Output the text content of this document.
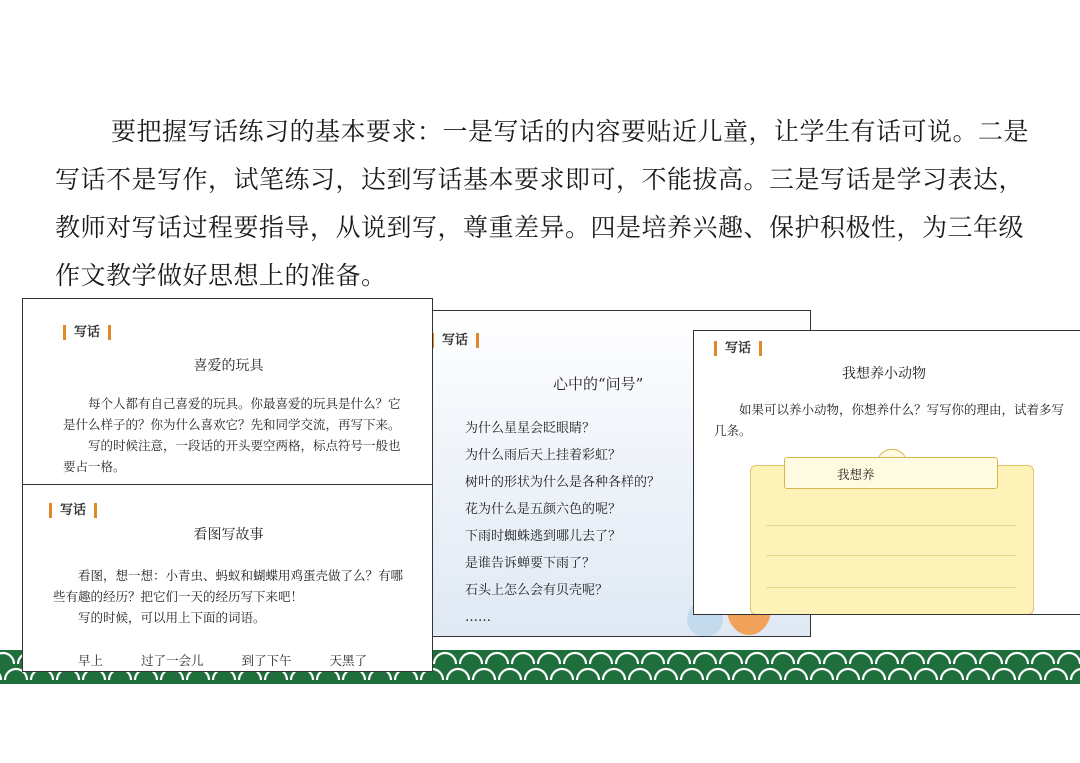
要把握写话练习的基本要求：一是写话的内容要贴近儿童，让学生有话可说。二是写话不是写作，试笔练习，达到写话基本要求即可，不能拔高。三是写话是学习表达，教师对写话过程要指导，从说到写，尊重差异。四是培养兴趣、保护积极性，为三年级作文教学做好思想上的准备。

写话
心中的“问号”
为什么星星会眨眼睛？
为什么雨后天上挂着彩虹？
树叶的形状为什么是各种各样的？
花为什么是五颜六色的呢？
下雨时蜘蛛逃到哪儿去了？
是谁告诉蝉要下雨了？
石头上怎么会有贝壳呢？
……
写话
喜爱的玩具

每个人都有自己喜爱的玩具。你最喜爱的玩具是什么？它是什么样子的？你为什么喜欢它？先和同学交流，再写下来。

写的时候注意，一段话的开头要空两格，标点符号一般也要占一格。

写话
我想养小动物

如果可以养小动物，你想养什么？写写你的理由，试着多写几条。

我想养
写话
看图写故事

看图，想一想：小青虫、蚂蚁和蝴蝶用鸡蛋壳做了么？有哪些有趣的经历？把它们一天的经历写下来吧！

写的时候，可以用上下面的词语。

早上	过了一会儿	到了下午	天黑了
